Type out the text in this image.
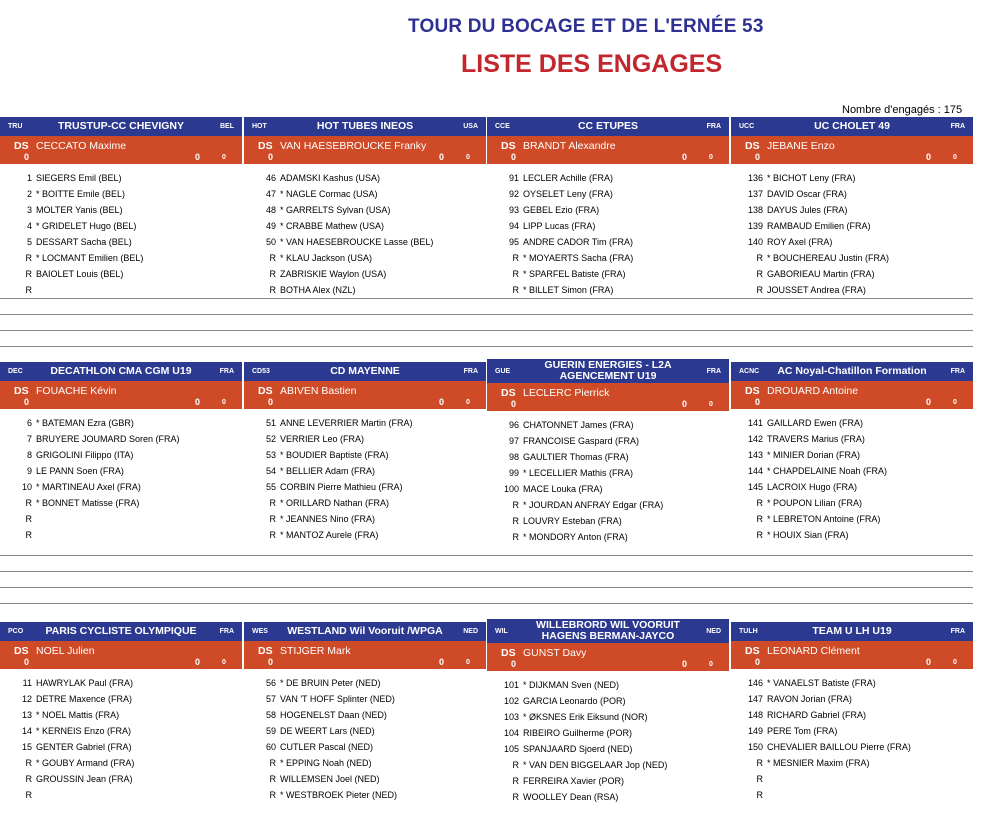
TOUR DU BOCAGE ET DE L'ERNÉE 53
LISTE DES ENGAGES
Nombre d'engagés : 175
TRU	TRUSTUP-CC CHEVIGNY	BEL
DS CECCATO Maxime
0	0	0
1 SIEGERS Emil (BEL)
2 * BOITTE Emile (BEL)
3 MOLTER Yanis (BEL)
4 * GRIDELET Hugo (BEL)
5 DESSART Sacha (BEL)
R * LOCMANT Emilien (BEL)
R BAIOLET Louis (BEL)
R
HOT	HOT TUBES INEOS	USA
DS VAN HAESEBROUCKE Franky
0	0	0
46 ADAMSKI Kashus (USA)
47 * NAGLE Cormac (USA)
48 * GARRELTS Sylvan (USA)
49 * CRABBE Mathew (USA)
50 * VAN HAESEBROUCKE Lasse (BEL)
R * KLAU Jackson (USA)
R ZABRISKIE Waylon (USA)
R BOTHA Alex (NZL)
CCE	CC ETUPES	FRA
DS BRANDT Alexandre
0	0	0
91 LECLER Achille (FRA)
92 OYSELET Leny (FRA)
93 GEBEL Ezio (FRA)
94 LIPP Lucas (FRA)
95 ANDRE CADOR Tim (FRA)
R * MOYAERTS Sacha (FRA)
R * SPARFEL Batiste (FRA)
R * BILLET Simon (FRA)
UCC	UC CHOLET 49	FRA
DS JEBANE Enzo
0	0	0
136 * BICHOT Leny (FRA)
137 DAVID Oscar (FRA)
138 DAYUS Jules (FRA)
139 RAMBAUD Emilien (FRA)
140 ROY Axel (FRA)
R * BOUCHEREAU Justin (FRA)
R GABORIEAU Martin (FRA)
R JOUSSET Andrea (FRA)
DEC	DECATHLON CMA CGM U19	FRA
DS FOUACHE Kévin
0	0	0
6 * BATEMAN Ezra (GBR)
7 BRUYERE JOUMARD Soren (FRA)
8 GRIGOLINI Filippo (ITA)
9 LE PANN Soen (FRA)
10 * MARTINEAU Axel (FRA)
R * BONNET Matisse (FRA)
R
R
CD53	CD MAYENNE	FRA
DS ABIVEN Bastien
0	0	0
51 ANNE LEVERRIER Martin (FRA)
52 VERRIER Leo (FRA)
53 * BOUDIER Baptiste (FRA)
54 * BELLIER Adam (FRA)
55 CORBIN Pierre Mathieu (FRA)
R * ORILLARD Nathan (FRA)
R * JEANNES Nino (FRA)
R * MANTOZ Aurele (FRA)
GUE	GUERIN ENERGIES - L2A AGENCEMENT U19	FRA
DS LECLERC Pierrick
0	0	0
96 CHATONNET James (FRA)
97 FRANCOISE Gaspard (FRA)
98 GAULTIER Thomas (FRA)
99 * LECELLIER Mathis (FRA)
100 MACE Louka (FRA)
R * JOURDAN ANFRAY Edgar (FRA)
R LOUVRY Esteban (FRA)
R * MONDORY Anton (FRA)
ACNC	AC Noyal-Chatillon Formation	FRA
DS DROUARD Antoine
0	0	0
141 GAILLARD Ewen (FRA)
142 TRAVERS Marius (FRA)
143 * MINIER Dorian (FRA)
144 * CHAPDELAINE Noah (FRA)
145 LACROIX Hugo (FRA)
R * POUPON Lilian (FRA)
R * LEBRETON Antoine (FRA)
R * HOUIX Sian (FRA)
PCO	PARIS CYCLISTE OLYMPIQUE	FRA
DS NOEL Julien
0	0	0
11 HAWRYLAK Paul (FRA)
12 DETRE Maxence (FRA)
13 * NOEL Mattis (FRA)
14 * KERNEIS Enzo (FRA)
15 GENTER Gabriel (FRA)
R * GOUBY Armand (FRA)
R GROUSSIN Jean (FRA)
R
WES	WESTLAND Wil Vooruit /WPGA	NED
DS STIJGER Mark
0	0	0
56 * DE BRUIN Peter (NED)
57 VAN 'T HOFF Splinter (NED)
58 HOGENELST Daan (NED)
59 DE WEERT Lars (NED)
60 CUTLER Pascal (NED)
R * EPPING Noah (NED)
R WILLEMSEN Joel (NED)
R * WESTBROEK Pieter (NED)
WIL	WILLEBRORD WIL VOORUIT HAGENS BERMAN-JAYCO	NED
DS GUNST Davy
0	0	0
101 * DIJKMAN Sven (NED)
102 GARCIA Leonardo (POR)
103 * ØKSNES Erik Eiksund (NOR)
104 RIBEIRO Guilherme (POR)
105 SPANJAARD Sjoerd (NED)
R * VAN DEN BIGGELAAR Jop (NED)
R FERREIRA Xavier (POR)
R WOOLLEY Dean (RSA)
TULH	TEAM U LH U19	FRA
DS LEONARD Clément
0	0	0
146 * VANAELST Batiste (FRA)
147 RAVON Jorian (FRA)
148 RICHARD Gabriel (FRA)
149 PERE Tom (FRA)
150 CHEVALIER BAILLOU Pierre (FRA)
R * MESNIER Maxim (FRA)
R
R
